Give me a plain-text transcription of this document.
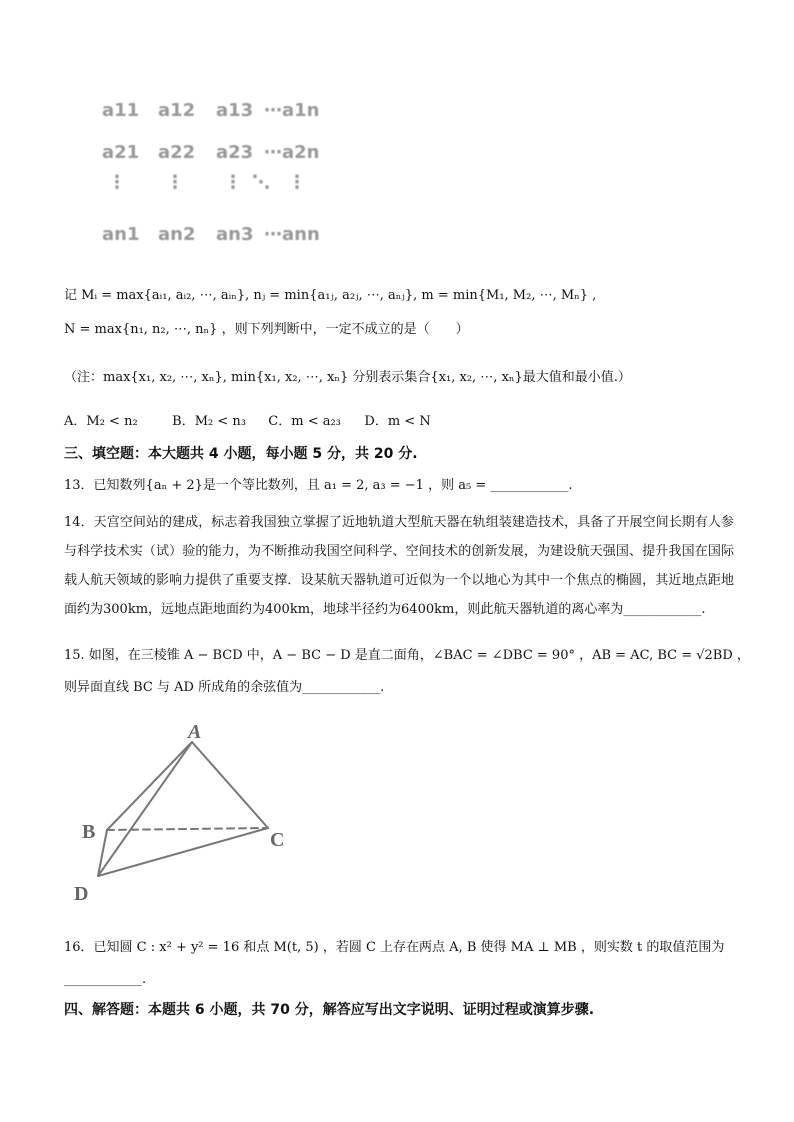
a11 a12 a13 ⋯a1n
a21 a22 a23 ⋯a2n
⋮ ⋮ ⋮ ⋱ ⋮
an1 an2 an3 ⋯ann
记 Mᵢ = max{aᵢ₁, aᵢ₂, ⋯, aᵢₙ}, nⱼ = min{a₁ⱼ, a₂ⱼ, ⋯, aₙⱼ}, m = min{M₁, M₂, ⋯, Mₙ} ,
N = max{n₁, n₂, ⋯, nₙ} ，则下列判断中，一定不成立的是（　　）
（注：max{x₁, x₂, ⋯, xₙ}, min{x₁, x₂, ⋯, xₙ} 分别表示集合{x₁, x₂, ⋯, xₙ}最大值和最小值.）
A．M₂ < n₂	B．M₂ < n₃ C．m < a₂₃ D．m < N
三、填空题：本大题共 4 小题，每小题 5 分，共 20 分.
13．已知数列{aₙ + 2}是一个等比数列，且 a₁ = 2, a₃ = −1 ，则 a₅ = ____________.
14．天宫空间站的建成，标志着我国独立掌握了近地轨道大型航天器在轨组装建造技术，具备了开展空间长期有人参与科学技术实（试）验的能力，为不断推动我国空间科学、空间技术的创新发展，为建设航天强国、提升我国在国际载人航天领域的影响力提供了重要支撑．设某航天器轨道可近似为一个以地心为其中一个焦点的椭圆，其近地点距地面约为300km，远地点距地面约为400km，地球半径约为6400km，则此航天器轨道的离心率为____________.
15. 如图，在三棱锥 A − BCD 中，A − BC − D 是直二面角，∠BAC = ∠DBC = 90° ，AB = AC, BC = √2BD ，
则异面直线 BC 与 AD 所成角的余弦值为____________.
A
B	C
D
16．已知圆 C : x² + y² = 16 和点 M(t, 5) ，若圆 C 上存在两点 A, B 使得 MA ⊥ MB ，则实数 t 的取值范围为
____________.
四、解答题：本题共 6 小题，共 70 分，解答应写出文字说明、证明过程或演算步骤.
